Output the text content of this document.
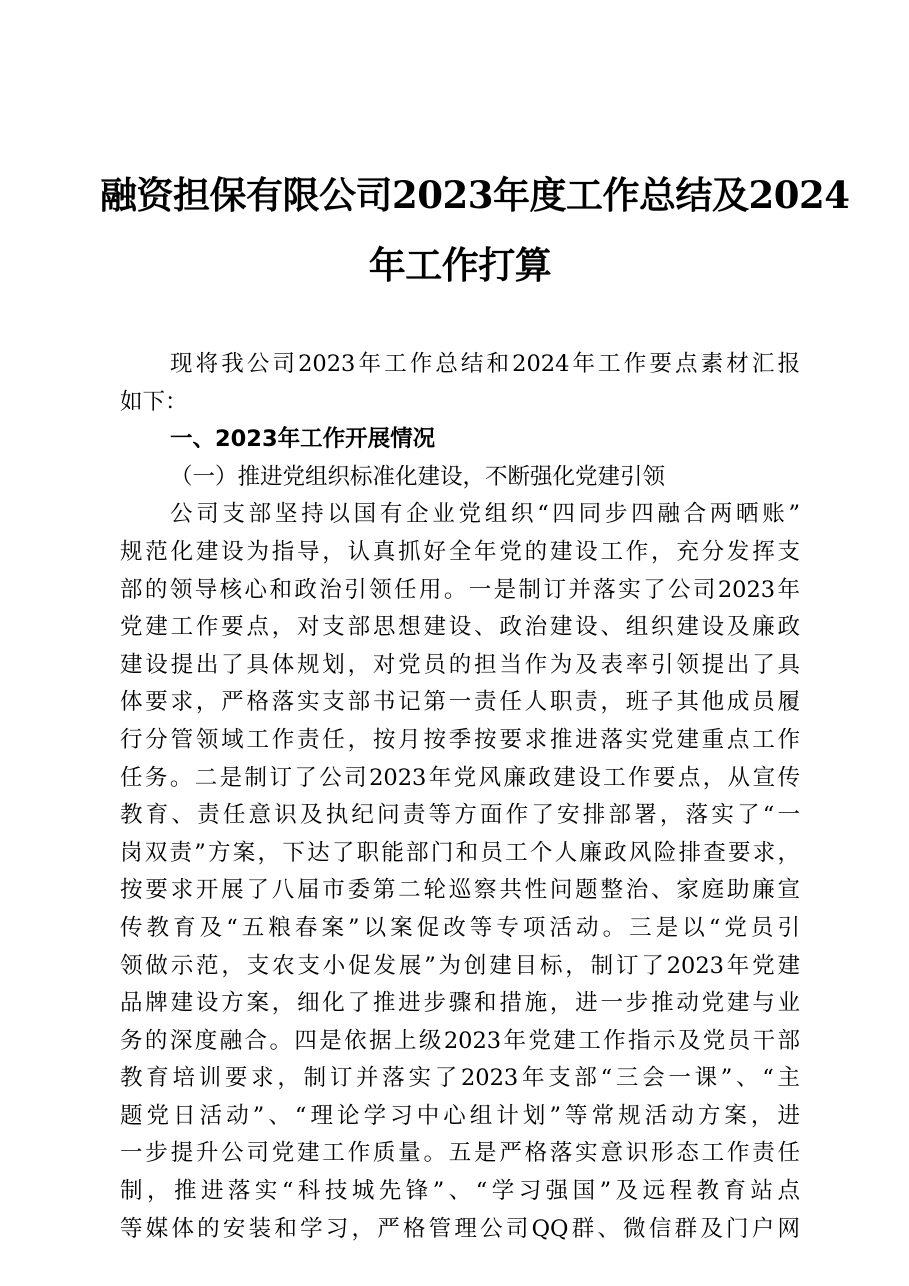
融资担保有限公司2023年度工作总结及2024
年工作打算
现将我公司2023年工作总结和2024年工作要点素材汇报
如下：
一、2023年工作开展情况
（一）推进党组织标准化建设，不断强化党建引领
公司支部坚持以国有企业党组织“四同步四融合两晒账”
规范化建设为指导，认真抓好全年党的建设工作，充分发挥支
部的领导核心和政治引领任用。一是制订并落实了公司2023年
党建工作要点，对支部思想建设、政治建设、组织建设及廉政
建设提出了具体规划，对党员的担当作为及表率引领提出了具
体要求，严格落实支部书记第一责任人职责，班子其他成员履
行分管领域工作责任，按月按季按要求推进落实党建重点工作
任务。二是制订了公司2023年党风廉政建设工作要点，从宣传
教育、责任意识及执纪问责等方面作了安排部署，落实了“一
岗双责”方案，下达了职能部门和员工个人廉政风险排查要求，
按要求开展了八届市委第二轮巡察共性问题整治、家庭助廉宣
传教育及“五粮春案”以案促改等专项活动。三是以“党员引
领做示范，支农支小促发展”为创建目标，制订了2023年党建
品牌建设方案，细化了推进步骤和措施，进一步推动党建与业
务的深度融合。四是依据上级2023年党建工作指示及党员干部
教育培训要求，制订并落实了2023年支部“三会一课”、“主
题党日活动”、“理论学习中心组计划”等常规活动方案，进
一步提升公司党建工作质量。五是严格落实意识形态工作责任
制，推进落实“科技城先锋”、“学习强国”及远程教育站点
等媒体的安装和学习，严格管理公司QQ群、微信群及门户网
